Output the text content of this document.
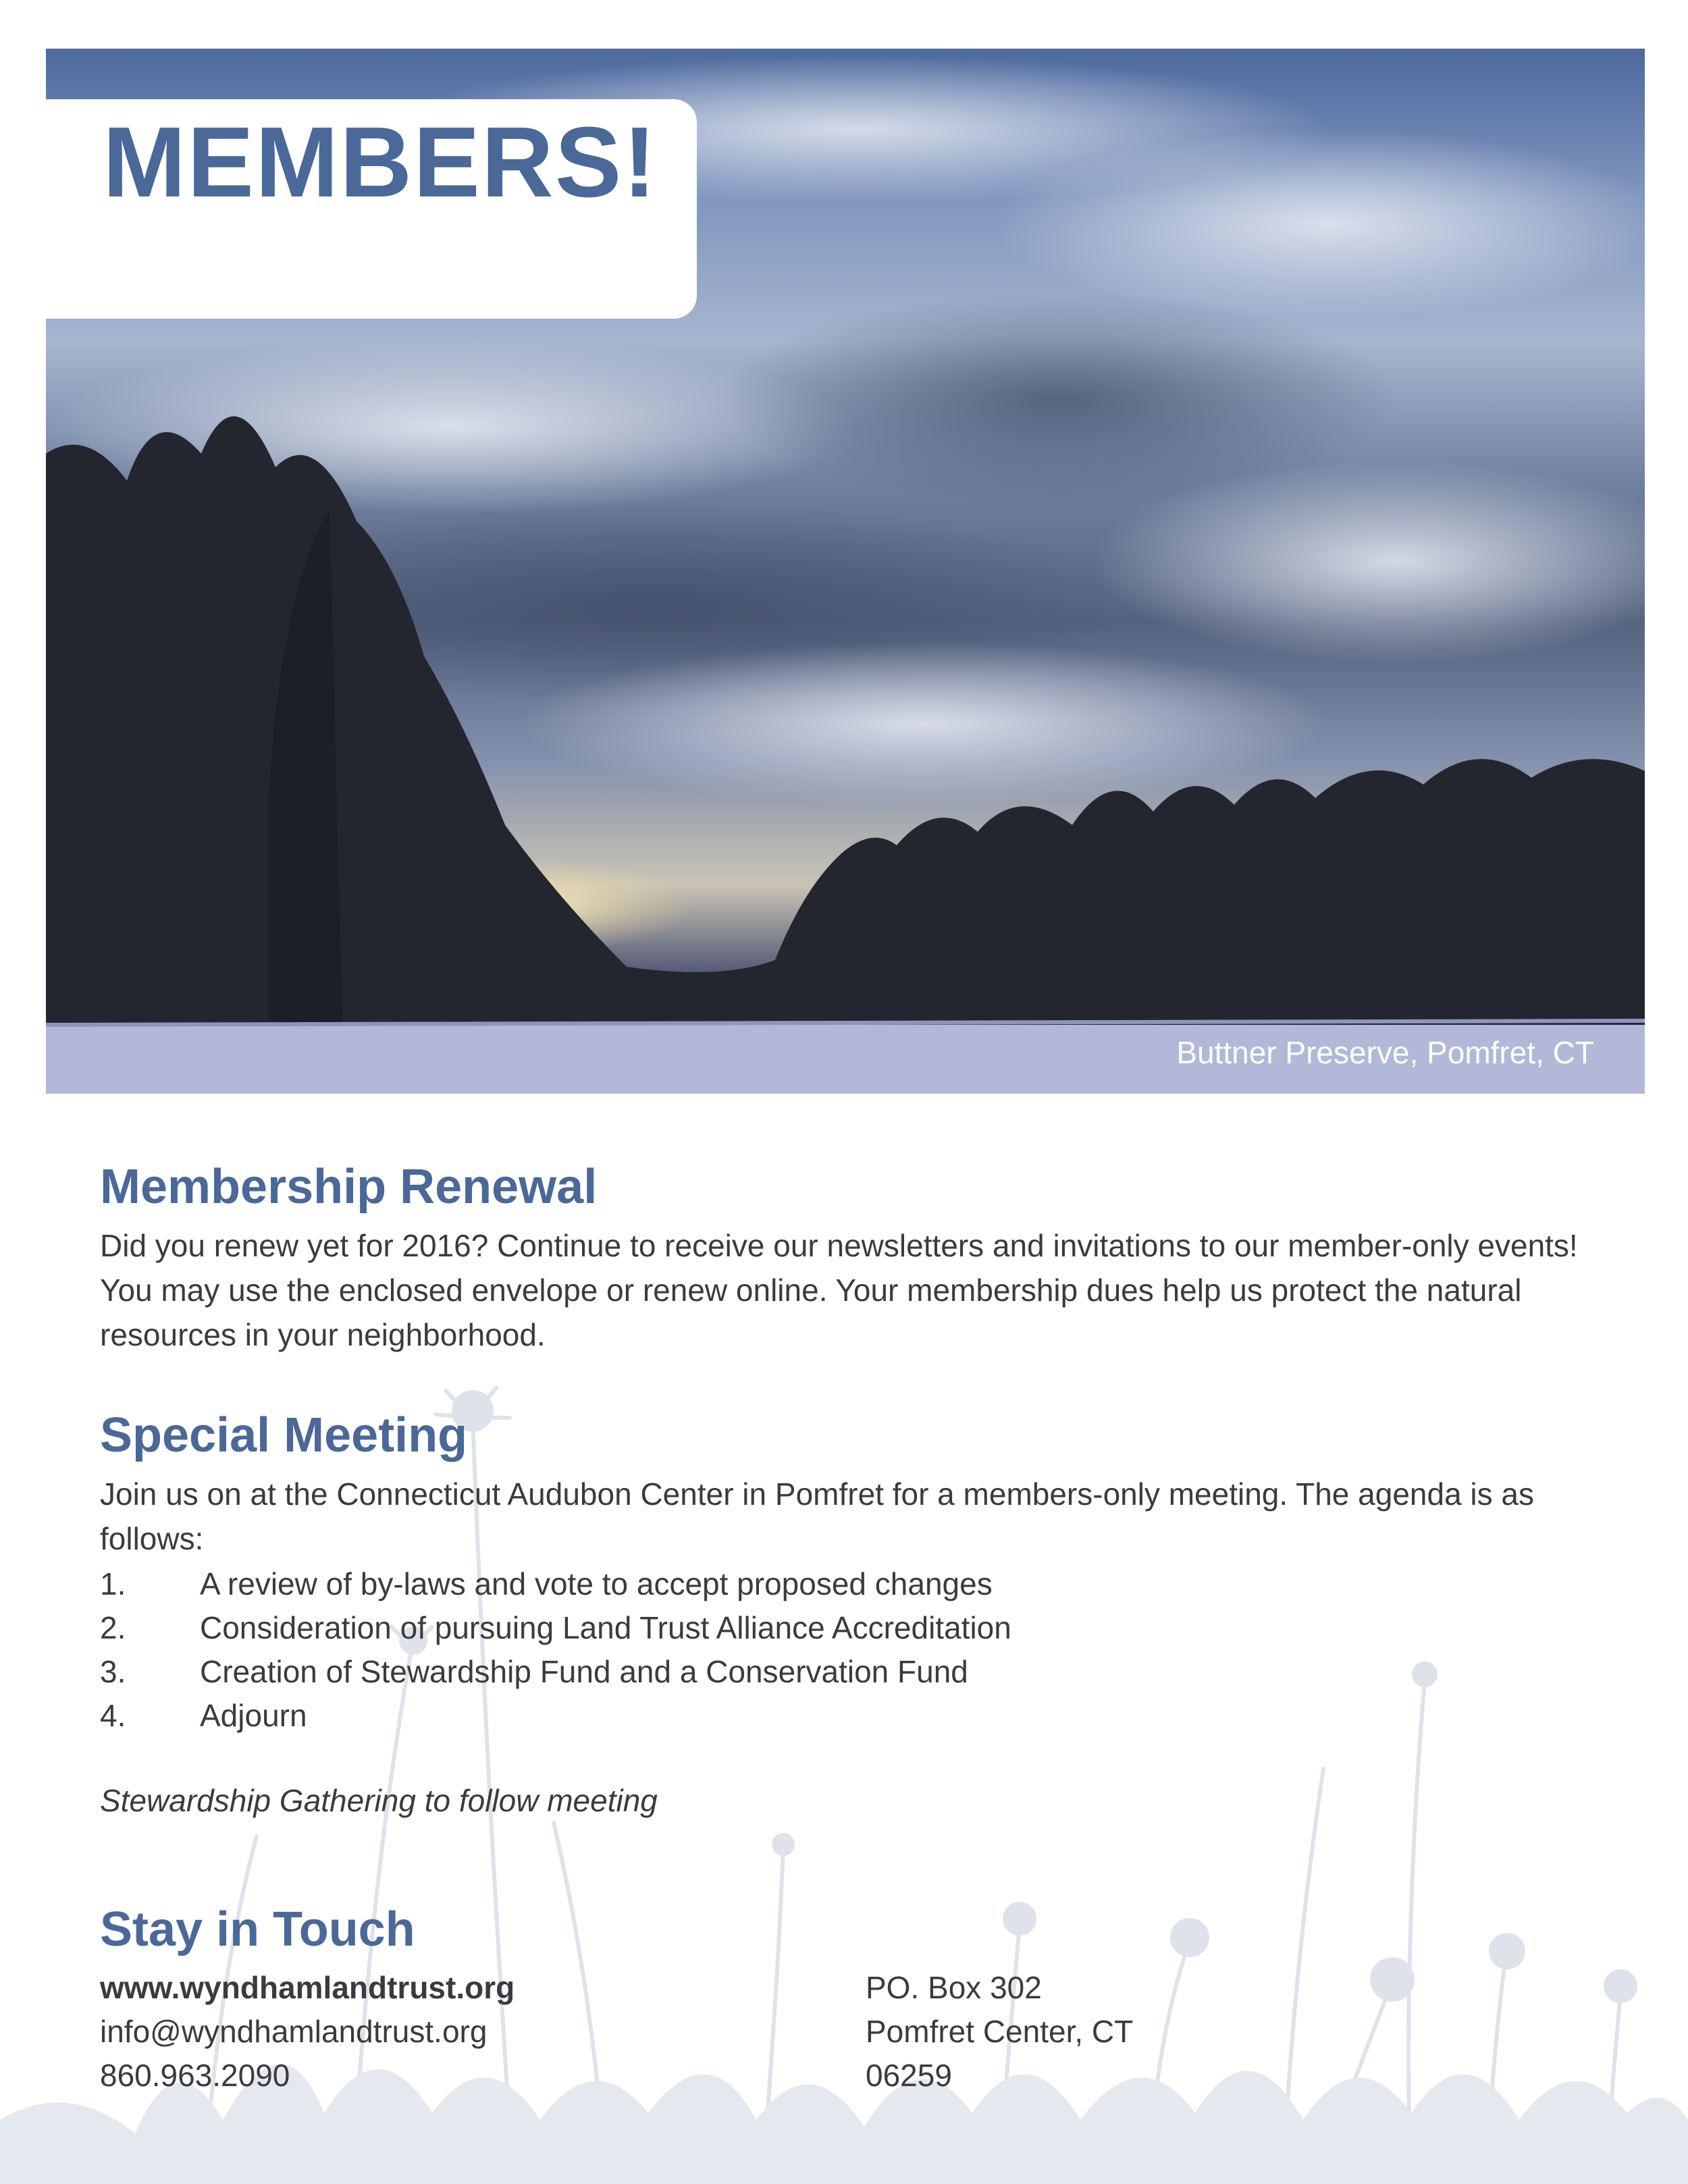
MEMBERS!
Buttner Preserve, Pomfret, CT
Membership Renewal

Did you renew yet for 2016? Continue to receive our newsletters and invitations to our member-only events! You may use the enclosed envelope or renew online. Your membership dues help us protect the natural resources in your neighborhood.

Special Meeting

Join us on at the Connecticut Audubon Center in Pomfret for a members-only meeting. The agenda is as follows:

1. A review of by-laws and vote to accept proposed changes
2. Consideration of pursuing Land Trust Alliance Accreditation
3. Creation of Stewardship Fund and a Conservation Fund
4. Adjourn
Stewardship Gathering to follow meeting
Stay in Touch
www.wyndhamlandtrust.org
info@wyndhamlandtrust.org
860.963.2090
PO. Box 302
Pomfret Center, CT
06259
